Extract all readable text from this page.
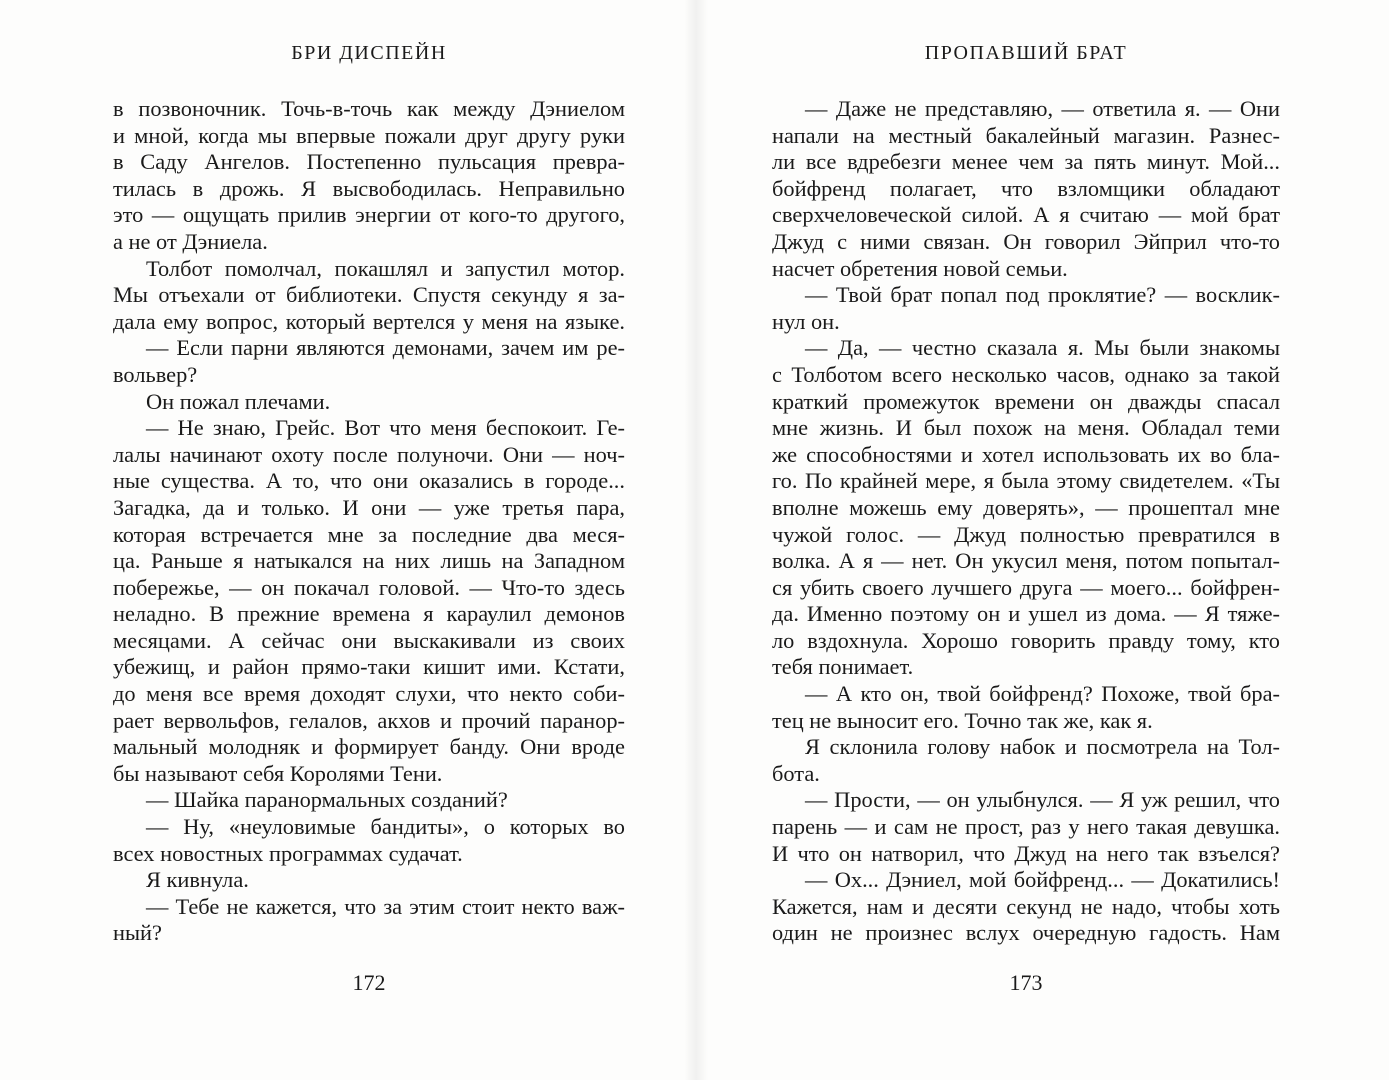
БРИ ДИСПЕЙН
в позвоночник. Точь-в-точь как между Дэниелом
и мной, когда мы впервые пожали друг другу руки
в Саду Ангелов. Постепенно пульсация превра-
тилась в дрожь. Я высвободилась. Неправильно
это — ощущать прилив энергии от кого-то другого,
а не от Дэниела.
Толбот помолчал, покашлял и запустил мотор.
Мы отъехали от библиотеки. Спустя секунду я за-
дала ему вопрос, который вертелся у меня на языке.
— Если парни являются демонами, зачем им ре-
вольвер?
Он пожал плечами.
— Не знаю, Грейс. Вот что меня беспокоит. Ге-
лалы начинают охоту после полуночи. Они — ноч-
ные существа. А то, что они оказались в городе...
Загадка, да и только. И они — уже третья пара,
которая встречается мне за последние два меся-
ца. Раньше я натыкался на них лишь на Западном
побережье, — он покачал головой. — Что-то здесь
неладно. В прежние времена я караулил демонов
месяцами. А сейчас они выскакивали из своих
убежищ, и район прямо-таки кишит ими. Кстати,
до меня все время доходят слухи, что некто соби-
рает вервольфов, гелалов, акхов и прочий паранор-
мальный молодняк и формирует банду. Они вроде
бы называют себя Королями Тени.
— Шайка паранормальных созданий?
— Ну, «неуловимые бандиты», о которых во
всех новостных программах судачат.
Я кивнула.
— Тебе не кажется, что за этим стоит некто важ-
ный?
172
ПРОПАВШИЙ БРАТ
— Даже не представляю, — ответила я. — Они
напали на местный бакалейный магазин. Разнес-
ли все вдребезги менее чем за пять минут. Мой...
бойфренд полагает, что взломщики обладают
сверхчеловеческой силой. А я считаю — мой брат
Джуд с ними связан. Он говорил Эйприл что-то
насчет обретения новой семьи.
— Твой брат попал под проклятие? — восклик-
нул он.
— Да, — честно сказала я. Мы были знакомы
с Толботом всего несколько часов, однако за такой
краткий промежуток времени он дважды спасал
мне жизнь. И был похож на меня. Обладал теми
же способностями и хотел использовать их во бла-
го. По крайней мере, я была этому свидетелем. «Ты
вполне можешь ему доверять», — прошептал мне
чужой голос. — Джуд полностью превратился в
волка. А я — нет. Он укусил меня, потом попытал-
ся убить своего лучшего друга — моего... бойфрен-
да. Именно поэтому он и ушел из дома. — Я тяже-
ло вздохнула. Хорошо говорить правду тому, кто
тебя понимает.
— А кто он, твой бойфренд? Похоже, твой бра-
тец не выносит его. Точно так же, как я.
Я склонила голову набок и посмотрела на Тол-
бота.
— Прости, — он улыбнулся. — Я уж решил, что
парень — и сам не прост, раз у него такая девушка.
И что он натворил, что Джуд на него так взъелся?
— Ох... Дэниел, мой бойфренд... — Докатились!
Кажется, нам и десяти секунд не надо, чтобы хоть
один не произнес вслух очередную гадость. Нам
173
